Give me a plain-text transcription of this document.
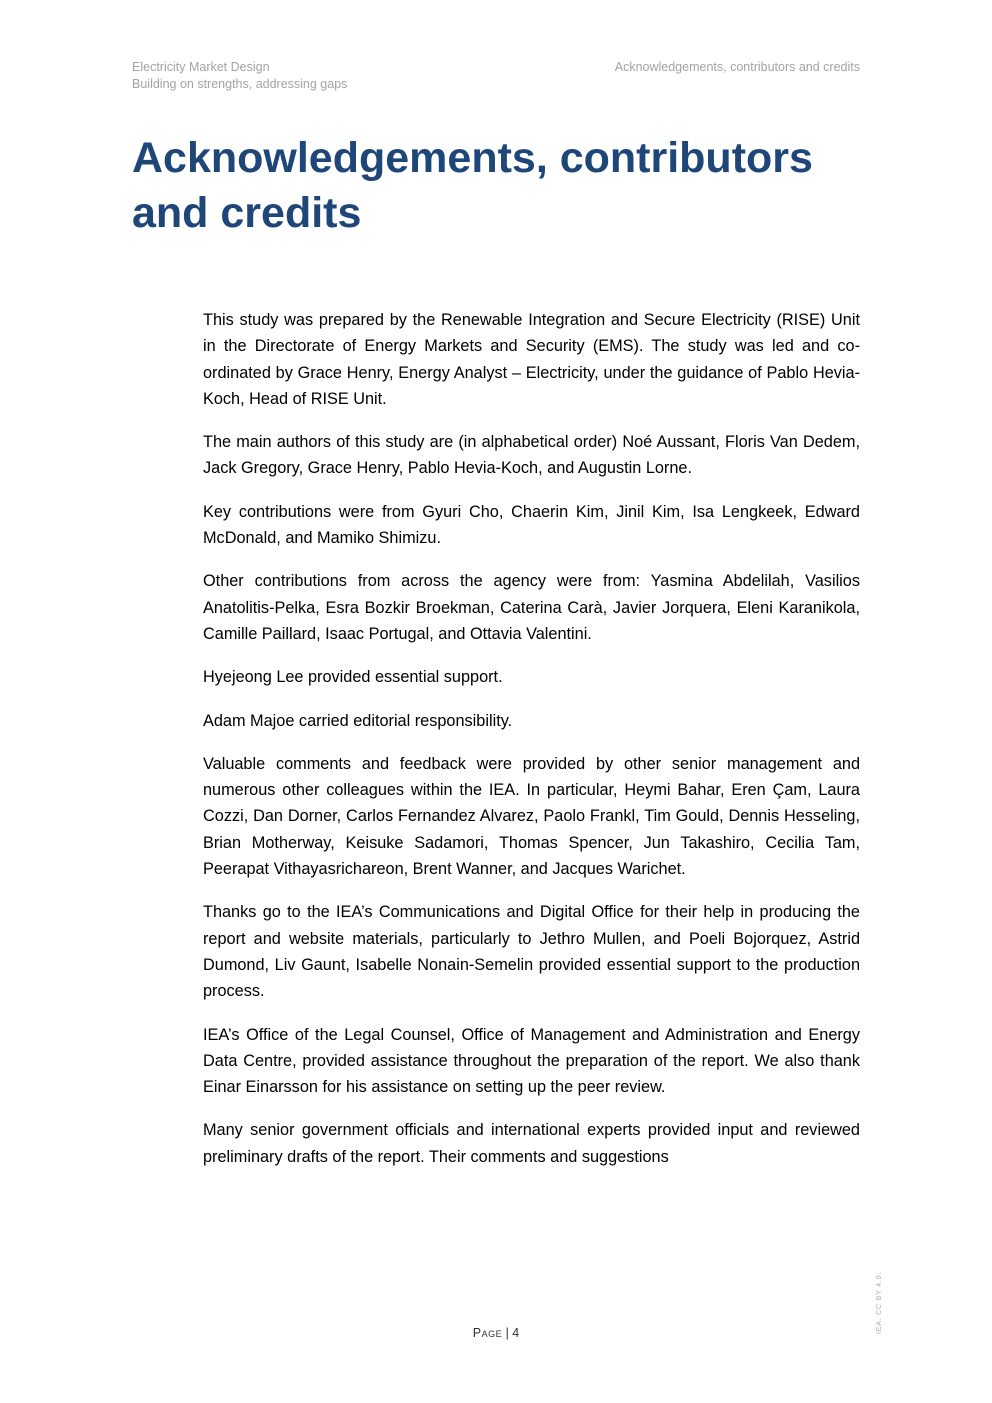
Electricity Market Design
Building on strengths, addressing gaps
Acknowledgements, contributors and credits
Acknowledgements, contributors
and credits

This study was prepared by the Renewable Integration and Secure Electricity (RISE) Unit in the Directorate of Energy Markets and Security (EMS). The study was led and co-ordinated by Grace Henry, Energy Analyst – Electricity, under the guidance of Pablo Hevia-Koch, Head of RISE Unit.

The main authors of this study are (in alphabetical order) Noé Aussant, Floris Van Dedem, Jack Gregory, Grace Henry, Pablo Hevia-Koch, and Augustin Lorne.

Key contributions were from Gyuri Cho, Chaerin Kim, Jinil Kim, Isa Lengkeek, Edward McDonald, and Mamiko Shimizu.

Other contributions from across the agency were from: Yasmina Abdelilah, Vasilios Anatolitis-Pelka, Esra Bozkir Broekman, Caterina Carà, Javier Jorquera, Eleni Karanikola, Camille Paillard, Isaac Portugal, and Ottavia Valentini.

Hyejeong Lee provided essential support.

Adam Majoe carried editorial responsibility.

Valuable comments and feedback were provided by other senior management and numerous other colleagues within the IEA. In particular, Heymi Bahar, Eren Çam, Laura Cozzi, Dan Dorner, Carlos Fernandez Alvarez, Paolo Frankl, Tim Gould, Dennis Hesseling, Brian Motherway, Keisuke Sadamori, Thomas Spencer, Jun Takashiro, Cecilia Tam, Peerapat Vithayasrichareon, Brent Wanner, and Jacques Warichet.

Thanks go to the IEA’s Communications and Digital Office for their help in producing the report and website materials, particularly to Jethro Mullen, and Poeli Bojorquez, Astrid Dumond, Liv Gaunt, Isabelle Nonain-Semelin provided essential support to the production process.

IEA’s Office of the Legal Counsel, Office of Management and Administration and Energy Data Centre, provided assistance throughout the preparation of the report. We also thank Einar Einarsson for his assistance on setting up the peer review.

Many senior government officials and international experts provided input and reviewed preliminary drafts of the report. Their comments and suggestions

Page | 4	IEA. CC BY 4.0.
